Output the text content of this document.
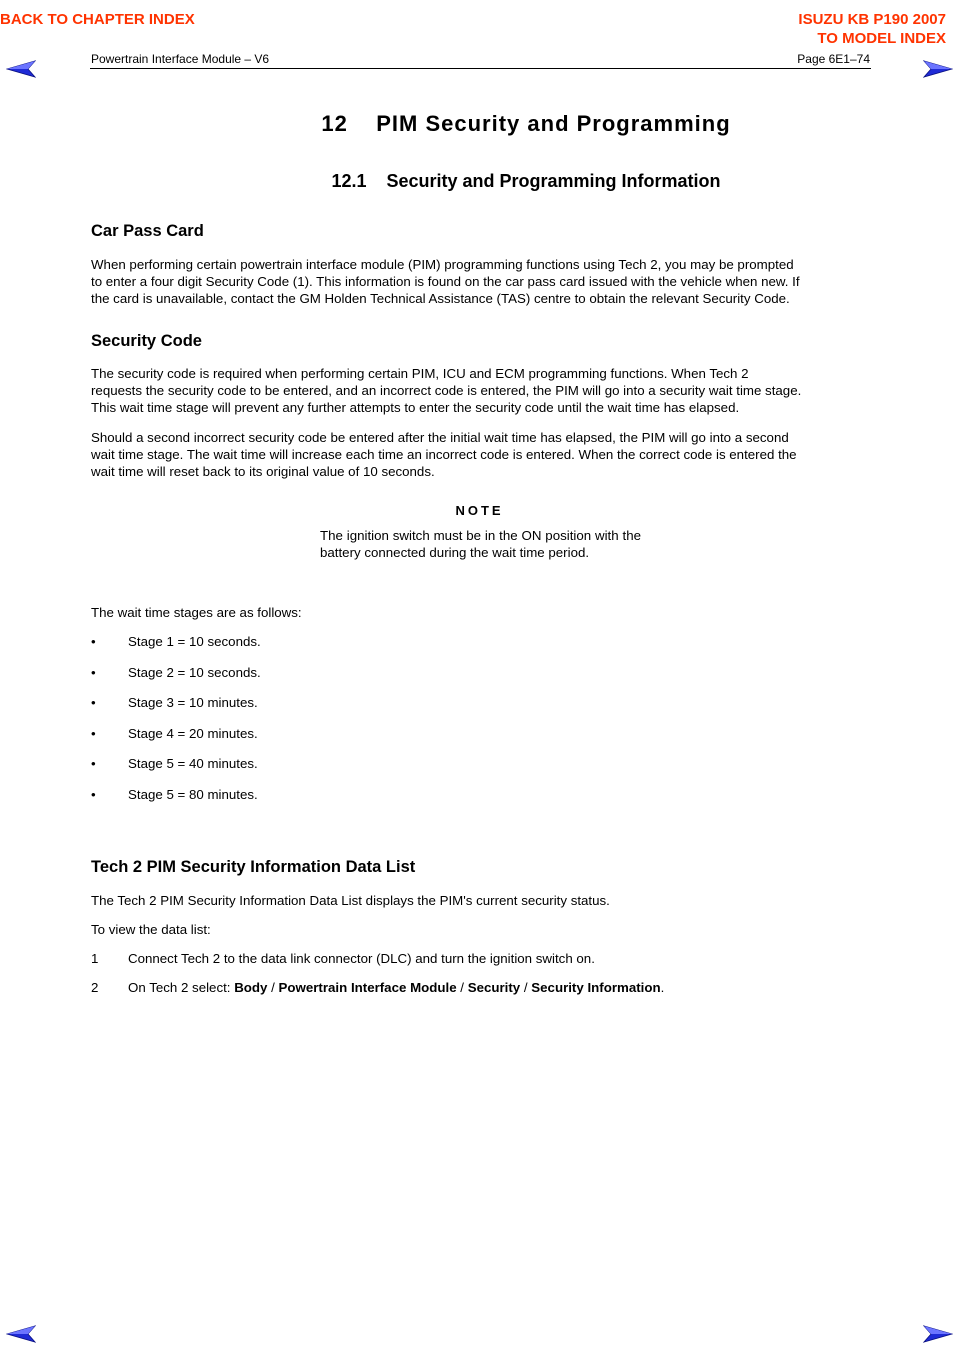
BACK TO CHAPTER INDEX	ISUZU KB P190 2007
TO MODEL INDEX
Powertrain Interface Module – V6	Page 6E1–74
12    PIM Security and Programming
12.1    Security and Programming Information
Car Pass Card
When performing certain powertrain interface module (PIM) programming functions using Tech 2, you may be prompted
to enter a four digit Security Code (1). This information is found on the car pass card issued with the vehicle when new. If
the card is unavailable, contact the GM Holden Technical Assistance (TAS) centre to obtain the relevant Security Code.
Security Code
The security code is required when performing certain PIM, ICU and ECM programming functions. When Tech 2
requests the security code to be entered, and an incorrect code is entered, the PIM will go into a security wait time stage.
This wait time stage will prevent any further attempts to enter the security code until the wait time has elapsed.
Should a second incorrect security code be entered after the initial wait time has elapsed, the PIM will go into a second
wait time stage. The wait time will increase each time an incorrect code is entered. When the correct code is entered the
wait time will reset back to its original value of 10 seconds.
NOTE
The ignition switch must be in the ON position with the battery connected during the wait time period.
The wait time stages are as follows:
• Stage 1 = 10 seconds.
• Stage 2 = 10 seconds.
• Stage 3 = 10 minutes.
• Stage 4 = 20 minutes.
• Stage 5 = 40 minutes.
• Stage 5 = 80 minutes.
Tech 2 PIM Security Information Data List
The Tech 2 PIM Security Information Data List displays the PIM's current security status.
To view the data list:
1 Connect Tech 2 to the data link connector (DLC) and turn the ignition switch on.
2 On Tech 2 select: Body / Powertrain Interface Module / Security / Security Information.
